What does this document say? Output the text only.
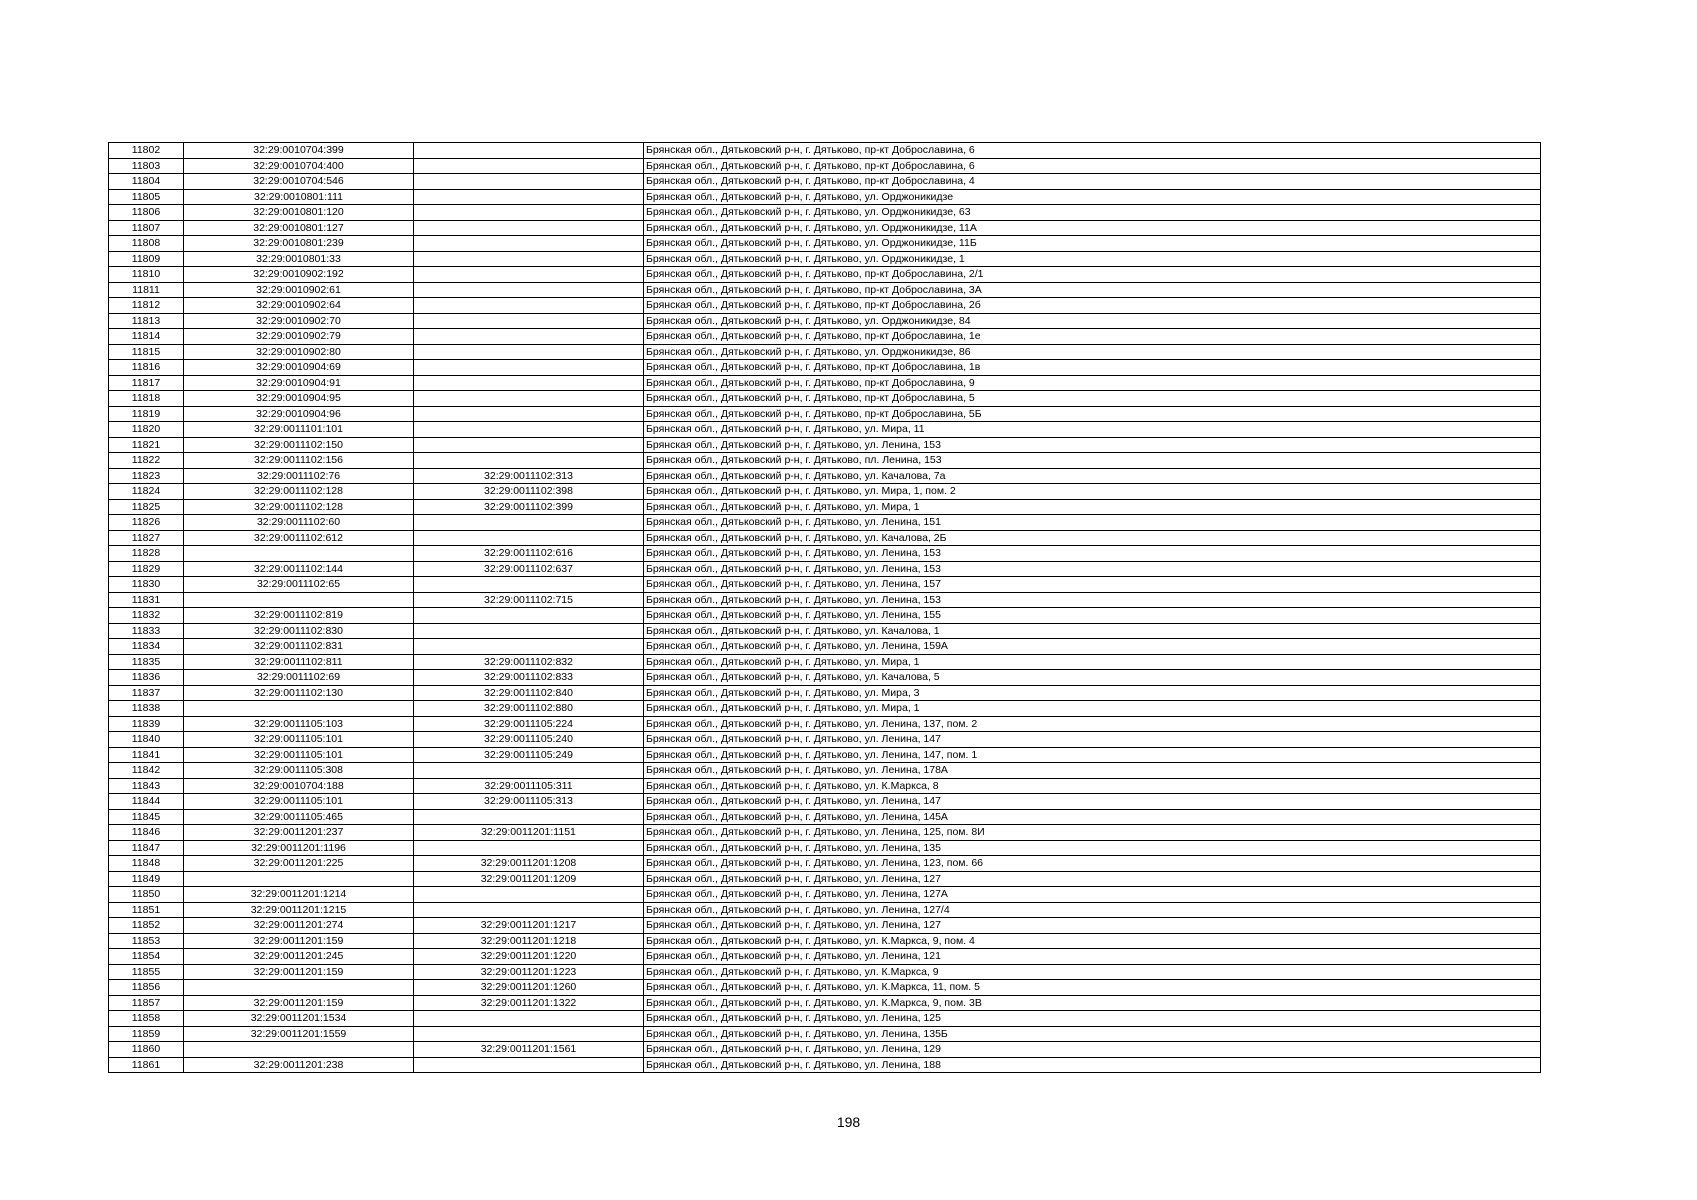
11802	32:29:0010704:399		Брянская обл., Дятьковский р-н, г. Дятьково, пр-кт Доброславина, 6
11803	32:29:0010704:400		Брянская обл., Дятьковский р-н, г. Дятьково, пр-кт Доброславина, 6
11804	32:29:0010704:546		Брянская обл., Дятьковский р-н, г. Дятьково, пр-кт Доброславина, 4
11805	32:29:0010801:111		Брянская обл., Дятьковский р-н, г. Дятьково, ул. Орджоникидзе
11806	32:29:0010801:120		Брянская обл., Дятьковский р-н, г. Дятьково, ул. Орджоникидзе, 63
11807	32:29:0010801:127		Брянская обл., Дятьковский р-н, г. Дятьково, ул. Орджоникидзе, 11А
11808	32:29:0010801:239		Брянская обл., Дятьковский р-н, г. Дятьково, ул. Орджоникидзе, 11Б
11809	32:29:0010801:33		Брянская обл., Дятьковский р-н, г. Дятьково, ул. Орджоникидзе, 1
11810	32:29:0010902:192		Брянская обл., Дятьковский р-н, г. Дятьково, пр-кт Доброславина, 2/1
11811	32:29:0010902:61		Брянская обл., Дятьковский р-н, г. Дятьково, пр-кт Доброславина, 3А
11812	32:29:0010902:64		Брянская обл., Дятьковский р-н, г. Дятьково, пр-кт Доброславина, 2б
11813	32:29:0010902:70		Брянская обл., Дятьковский р-н, г. Дятьково, ул. Орджоникидзе, 84
11814	32:29:0010902:79		Брянская обл., Дятьковский р-н, г. Дятьково, пр-кт Доброславина, 1е
11815	32:29:0010902:80		Брянская обл., Дятьковский р-н, г. Дятьково, ул. Орджоникидзе, 86
11816	32:29:0010904:69		Брянская обл., Дятьковский р-н, г. Дятьково, пр-кт Доброславина, 1в
11817	32:29:0010904:91		Брянская обл., Дятьковский р-н, г. Дятьково, пр-кт Доброславина, 9
11818	32:29:0010904:95		Брянская обл., Дятьковский р-н, г. Дятьково, пр-кт Доброславина, 5
11819	32:29:0010904:96		Брянская обл., Дятьковский р-н, г. Дятьково, пр-кт Доброславина, 5Б
11820	32:29:0011101:101		Брянская обл., Дятьковский р-н, г. Дятьково, ул. Мира, 11
11821	32:29:0011102:150		Брянская обл., Дятьковский р-н, г. Дятьково, ул. Ленина, 153
11822	32:29:0011102:156		Брянская обл., Дятьковский р-н, г. Дятьково, пл. Ленина, 153
11823	32:29:0011102:76	32:29:0011102:313	Брянская обл., Дятьковский р-н, г. Дятьково, ул. Качалова, 7а
11824	32:29:0011102:128	32:29:0011102:398	Брянская обл., Дятьковский р-н, г. Дятьково, ул. Мира, 1, пом. 2
11825	32:29:0011102:128	32:29:0011102:399	Брянская обл., Дятьковский р-н, г. Дятьково, ул. Мира, 1
11826	32:29:0011102:60		Брянская обл., Дятьковский р-н, г. Дятьково, ул. Ленина, 151
11827	32:29:0011102:612		Брянская обл., Дятьковский р-н, г. Дятьково, ул. Качалова, 2Б
11828		32:29:0011102:616	Брянская обл., Дятьковский р-н, г. Дятьково, ул. Ленина, 153
11829	32:29:0011102:144	32:29:0011102:637	Брянская обл., Дятьковский р-н, г. Дятьково, ул. Ленина, 153
11830	32:29:0011102:65		Брянская обл., Дятьковский р-н, г. Дятьково, ул. Ленина, 157
11831		32:29:0011102:715	Брянская обл., Дятьковский р-н, г. Дятьково, ул. Ленина, 153
11832	32:29:0011102:819		Брянская обл., Дятьковский р-н, г. Дятьково, ул. Ленина, 155
11833	32:29:0011102:830		Брянская обл., Дятьковский р-н, г. Дятьково, ул. Качалова, 1
11834	32:29:0011102:831		Брянская обл., Дятьковский р-н, г. Дятьково, ул. Ленина, 159А
11835	32:29:0011102:811	32:29:0011102:832	Брянская обл., Дятьковский р-н, г. Дятьково, ул. Мира, 1
11836	32:29:0011102:69	32:29:0011102:833	Брянская обл., Дятьковский р-н, г. Дятьково, ул. Качалова, 5
11837	32:29:0011102:130	32:29:0011102:840	Брянская обл., Дятьковский р-н, г. Дятьково, ул. Мира, 3
11838		32:29:0011102:880	Брянская обл., Дятьковский р-н, г. Дятьково, ул. Мира, 1
11839	32:29:0011105:103	32:29:0011105:224	Брянская обл., Дятьковский р-н, г. Дятьково, ул. Ленина, 137, пом. 2
11840	32:29:0011105:101	32:29:0011105:240	Брянская обл., Дятьковский р-н, г. Дятьково, ул. Ленина, 147
11841	32:29:0011105:101	32:29:0011105:249	Брянская обл., Дятьковский р-н, г. Дятьково, ул. Ленина, 147, пом. 1
11842	32:29:0011105:308		Брянская обл., Дятьковский р-н, г. Дятьково, ул. Ленина, 178А
11843	32:29:0010704:188	32:29:0011105:311	Брянская обл., Дятьковский р-н, г. Дятьково, ул. К.Маркса, 8
11844	32:29:0011105:101	32:29:0011105:313	Брянская обл., Дятьковский р-н, г. Дятьково, ул. Ленина, 147
11845	32:29:0011105:465		Брянская обл., Дятьковский р-н, г. Дятьково, ул. Ленина, 145А
11846	32:29:0011201:237	32:29:0011201:1151	Брянская обл., Дятьковский р-н, г. Дятьково, ул. Ленина, 125, пом. 8И
11847	32:29:0011201:1196		Брянская обл., Дятьковский р-н, г. Дятьково, ул. Ленина, 135
11848	32:29:0011201:225	32:29:0011201:1208	Брянская обл., Дятьковский р-н, г. Дятьково, ул. Ленина, 123, пом. 66
11849		32:29:0011201:1209	Брянская обл., Дятьковский р-н, г. Дятьково, ул. Ленина, 127
11850	32:29:0011201:1214		Брянская обл., Дятьковский р-н, г. Дятьково, ул. Ленина, 127А
11851	32:29:0011201:1215		Брянская обл., Дятьковский р-н, г. Дятьково, ул. Ленина, 127/4
11852	32:29:0011201:274	32:29:0011201:1217	Брянская обл., Дятьковский р-н, г. Дятьково, ул. Ленина, 127
11853	32:29:0011201:159	32:29:0011201:1218	Брянская обл., Дятьковский р-н, г. Дятьково, ул. К.Маркса, 9, пом. 4
11854	32:29:0011201:245	32:29:0011201:1220	Брянская обл., Дятьковский р-н, г. Дятьково, ул. Ленина, 121
11855	32:29:0011201:159	32:29:0011201:1223	Брянская обл., Дятьковский р-н, г. Дятьково, ул. К.Маркса, 9
11856		32:29:0011201:1260	Брянская обл., Дятьковский р-н, г. Дятьково, ул. К.Маркса, 11, пом. 5
11857	32:29:0011201:159	32:29:0011201:1322	Брянская обл., Дятьковский р-н, г. Дятьково, ул. К.Маркса, 9, пом. 3В
11858	32:29:0011201:1534		Брянская обл., Дятьковский р-н, г. Дятьково, ул. Ленина, 125
11859	32:29:0011201:1559		Брянская обл., Дятьковский р-н, г. Дятьково, ул. Ленина, 135Б
11860		32:29:0011201:1561	Брянская обл., Дятьковский р-н, г. Дятьково, ул. Ленина, 129
11861	32:29:0011201:238		Брянская обл., Дятьковский р-н, г. Дятьково, ул. Ленина, 188
198
